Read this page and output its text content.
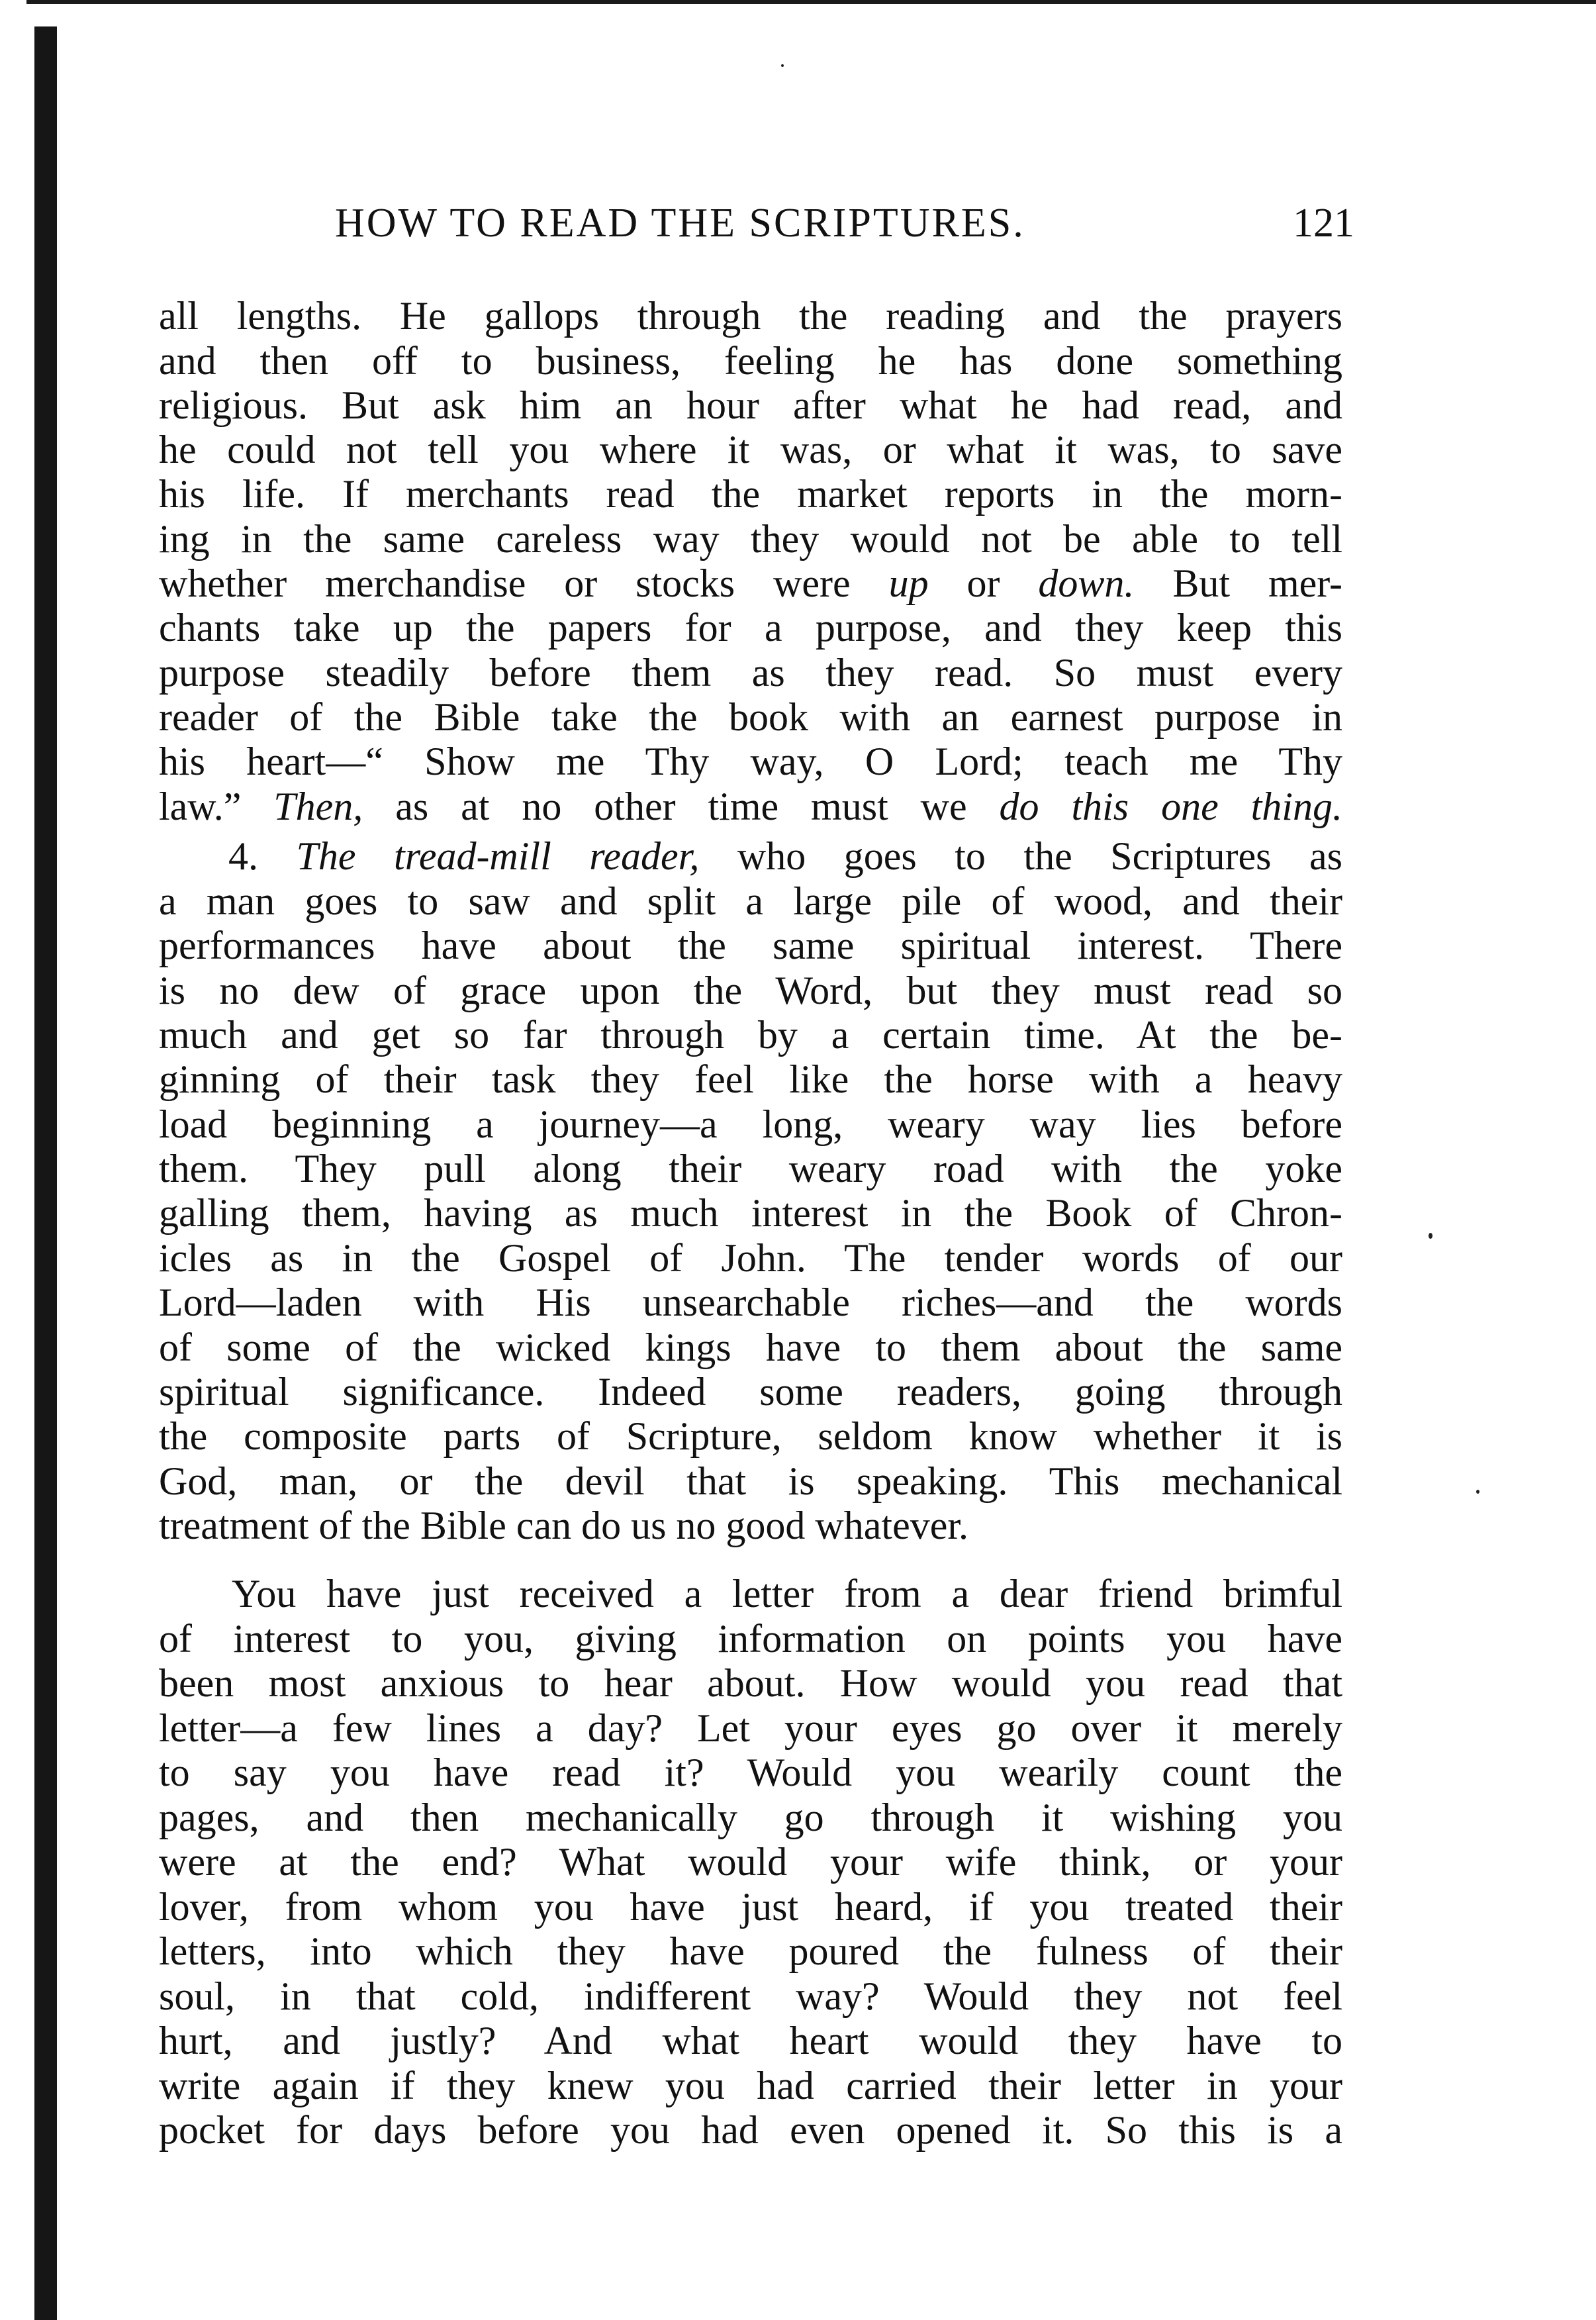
HOW TO READ THE SCRIPTURES.	121
all lengths. He gallops through the reading and the prayers
and then off to business, feeling he has done something
religious. But ask him an hour after what he had read, and
he could not tell you where it was, or what it was, to save
his life. If merchants read the market reports in the morn-
ing in the same careless way they would not be able to tell
whether merchandise or stocks were up or down. But mer-
chants take up the papers for a purpose, and they keep this
purpose steadily before them as they read. So must every
reader of the Bible take the book with an earnest purpose in
his heart—“ Show me Thy way, O Lord; teach me Thy
law.” Then, as at no other time must we do this one thing.
4. The tread-mill reader, who goes to the Scriptures as
a man goes to saw and split a large pile of wood, and their
performances have about the same spiritual interest. There
is no dew of grace upon the Word, but they must read so
much and get so far through by a certain time. At the be-
ginning of their task they feel like the horse with a heavy
load beginning a journey—a long, weary way lies before
them. They pull along their weary road with the yoke
galling them, having as much interest in the Book of Chron-
icles as in the Gospel of John. The tender words of our
Lord—laden with His unsearchable riches—and the words
of some of the wicked kings have to them about the same
spiritual significance. Indeed some readers, going through
the composite parts of Scripture, seldom know whether it is
God, man, or the devil that is speaking. This mechanical
treatment of the Bible can do us no good whatever.
You have just received a letter from a dear friend brimful
of interest to you, giving information on points you have
been most anxious to hear about. How would you read that
letter—a few lines a day? Let your eyes go over it merely
to say you have read it? Would you wearily count the
pages, and then mechanically go through it wishing you
were at the end? What would your wife think, or your
lover, from whom you have just heard, if you treated their
letters, into which they have poured the fulness of their
soul, in that cold, indifferent way? Would they not feel
hurt, and justly? And what heart would they have to
write again if they knew you had carried their letter in your
pocket for days before you had even opened it. So this is a
